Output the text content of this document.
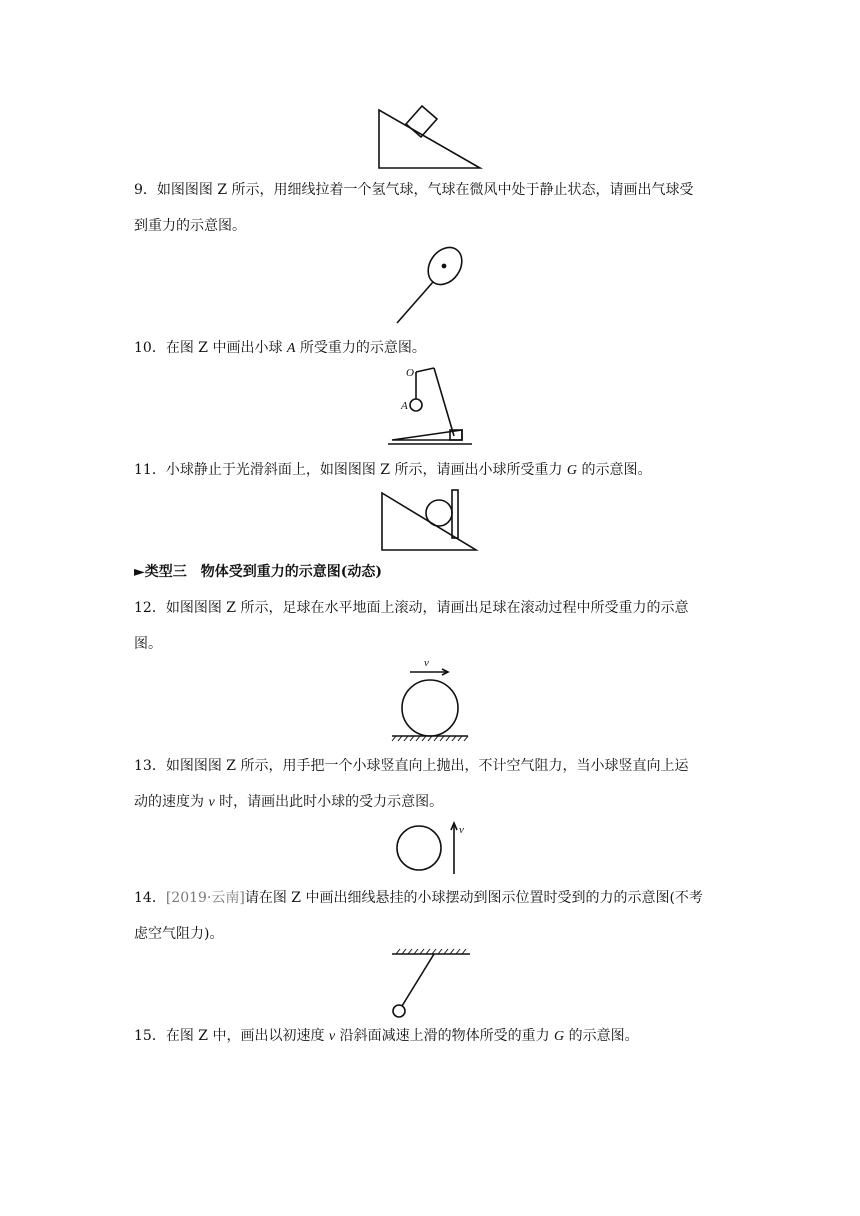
9．如图图图 Z 所示，用细线拉着一个氢气球，气球在微风中处于静止状态，请画出气球受
到重力的示意图。

10．在图 Z 中画出小球 A 所受重力的示意图。

O
A

11．小球静止于光滑斜面上，如图图图 Z 所示，请画出小球所受重力 G 的示意图。

►类型三　物体受到重力的示意图(动态)

12．如图图图 Z 所示，足球在水平地面上滚动，请画出足球在滚动过程中所受重力的示意
图。

v

13．如图图图 Z 所示，用手把一个小球竖直向上抛出，不计空气阻力，当小球竖直向上运
动的速度为 v 时，请画出此时小球的受力示意图。

v

14．[2019·云南]请在图 Z 中画出细线悬挂的小球摆动到图示位置时受到的力的示意图(不考
虑空气阻力)。

15．在图 Z 中，画出以初速度 v 沿斜面减速上滑的物体所受的重力 G 的示意图。
